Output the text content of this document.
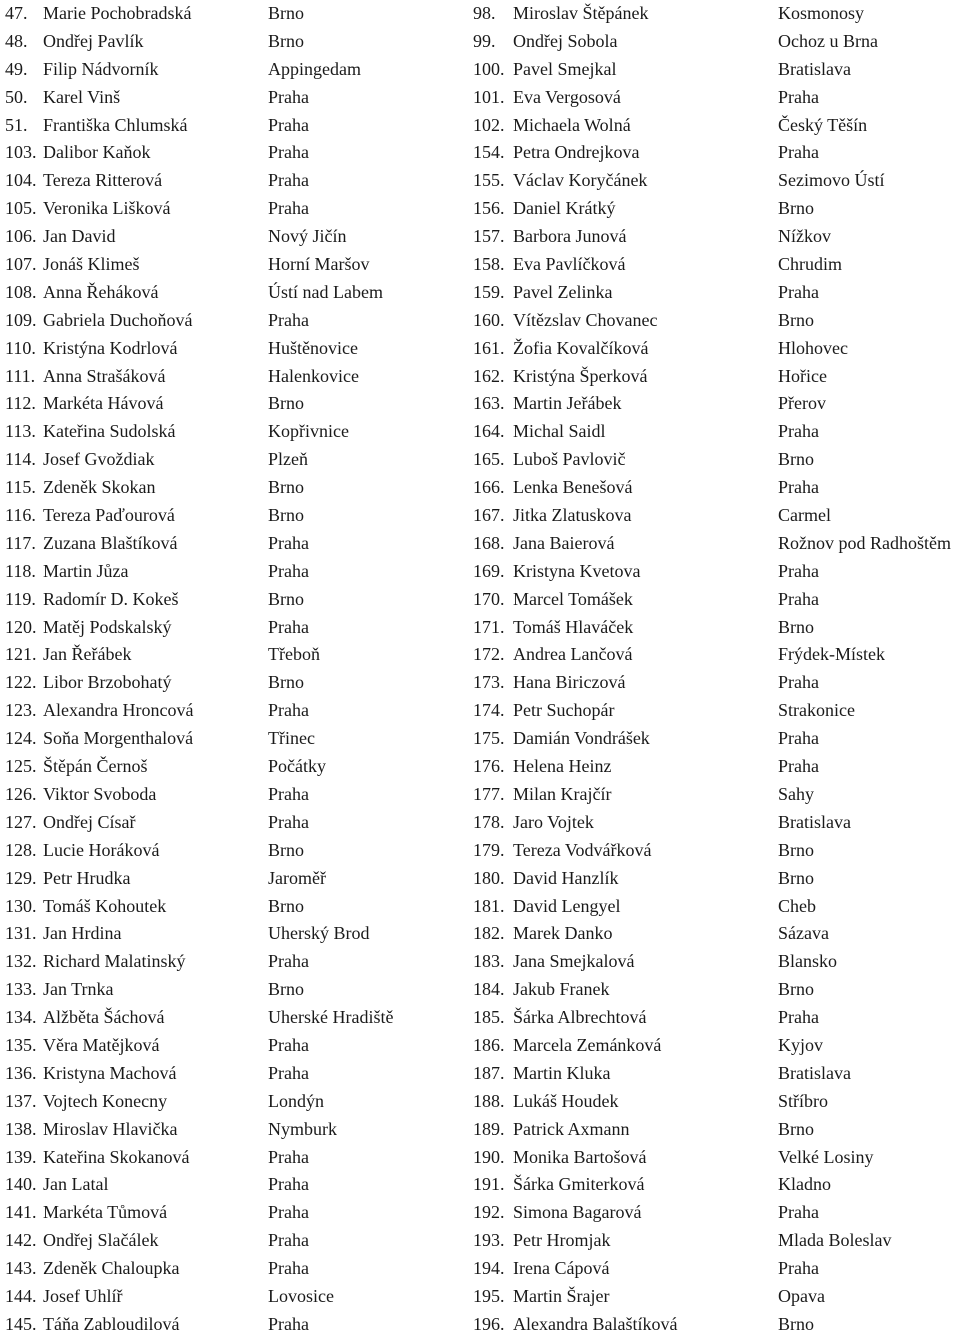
47. Marie Pochobradská	Brno
48. Ondřej Pavlík	Brno
49. Filip Nádvorník	Appingedam
50. Karel Vinš	Praha
51. Františka Chlumská	Praha
103. Dalibor Kaňok	Praha
104. Tereza Ritterová	Praha
105. Veronika Lišková	Praha
106. Jan David	Nový Jičín
107. Jonáš Klimeš	Horní Maršov
108. Anna Řeháková	Ústí nad Labem
109. Gabriela Duchoňová	Praha
110. Kristýna Kodrlová	Huštěnovice
111. Anna Strašáková	Halenkovice
112. Markéta Hávová	Brno
113. Kateřina Sudolská	Kopřivnice
114. Josef Gvoždiak	Plzeň
115. Zdeněk Skokan	Brno
116. Tereza Paďourová	Brno
117. Zuzana Blaštíková	Praha
118. Martin Jůza	Praha
119. Radomír D. Kokeš	Brno
120. Matěj Podskalský	Praha
121. Jan Řeřábek	Třeboň
122. Libor Brzobohatý	Brno
123. Alexandra Hroncová	Praha
124. Soňa Morgenthalová	Třinec
125. Štěpán Černoš	Počátky
126. Viktor Svoboda	Praha
127. Ondřej Císař	Praha
128. Lucie Horáková	Brno
129. Petr Hrudka	Jaroměř
130. Tomáš Kohoutek	Brno
131. Jan Hrdina	Uherský Brod
132. Richard Malatinský	Praha
133. Jan Trnka	Brno
134. Alžběta Šáchová	Uherské Hradiště
135. Věra Matějková	Praha
136. Kristyna Machová	Praha
137. Vojtech Konecny	Londýn
138. Miroslav Hlavička	Nymburk
139. Kateřina Skokanová	Praha
140. Jan Latal	Praha
141. Markéta Tůmová	Praha
142. Ondřej Slačálek	Praha
143. Zdeněk Chaloupka	Praha
144. Josef Uhlíř	Lovosice
145. Táňa Zabloudilová	Praha
98. Miroslav Štěpánek	Kosmonosy
99. Ondřej Sobola	Ochoz u Brna
100. Pavel Smejkal	Bratislava
101. Eva Vergosová	Praha
102. Michaela Wolná	Český Těšín
154. Petra Ondrejkova	Praha
155. Václav Koryčánek	Sezimovo Ústí
156. Daniel Krátký	Brno
157. Barbora Junová	Nížkov
158. Eva Pavlíčková	Chrudim
159. Pavel Zelinka	Praha
160. Vítězslav Chovanec	Brno
161. Žofia Kovalčíková	Hlohovec
162. Kristýna Šperková	Hořice
163. Martin Jeřábek	Přerov
164. Michal Saidl	Praha
165. Luboš Pavlovič	Brno
166. Lenka Benešová	Praha
167. Jitka Zlatuskova	Carmel
168. Jana Baierová	Rožnov pod Radhoštěm
169. Kristyna Kvetova	Praha
170. Marcel Tomášek	Praha
171. Tomáš Hlaváček	Brno
172. Andrea Lančová	Frýdek-Místek
173. Hana Biriczová	Praha
174. Petr Suchopár	Strakonice
175. Damián Vondrášek	Praha
176. Helena Heinz	Praha
177. Milan Krajčír	Sahy
178. Jaro Vojtek	Bratislava
179. Tereza Vodvářková	Brno
180. David Hanzlík	Brno
181. David Lengyel	Cheb
182. Marek Danko	Sázava
183. Jana Smejkalová	Blansko
184. Jakub Franek	Brno
185. Šárka Albrechtová	Praha
186. Marcela Zemánková	Kyjov
187. Martin Kluka	Bratislava
188. Lukáš Houdek	Stříbro
189. Patrick Axmann	Brno
190. Monika Bartošová	Velké Losiny
191. Šárka Gmiterková	Kladno
192. Simona Bagarová	Praha
193. Petr Hromjak	Mlada Boleslav
194. Irena Cápová	Praha
195. Martin Šrajer	Opava
196. Alexandra Balaštíková	Brno
